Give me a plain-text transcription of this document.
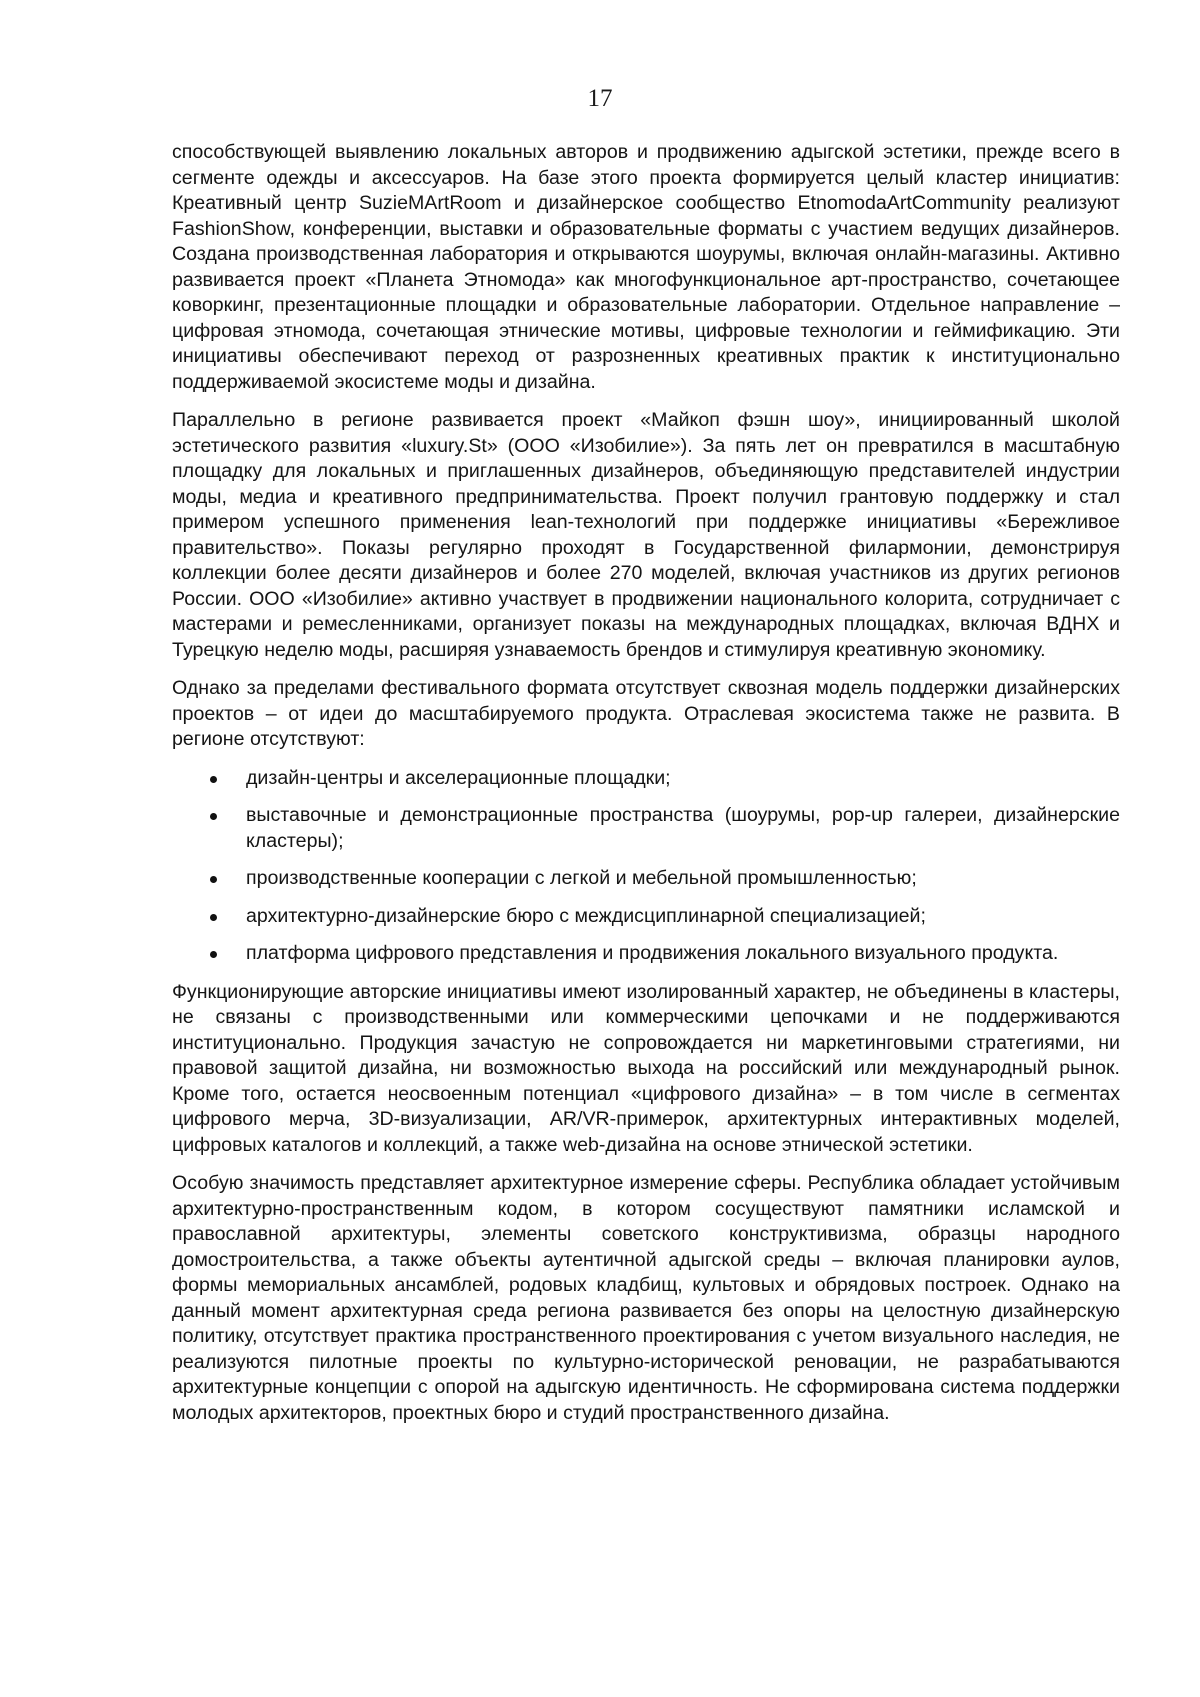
17

способствующей выявлению локальных авторов и продвижению адыгской эстетики, прежде всего в сегменте одежды и аксессуаров. На базе этого проекта формируется целый кластер инициатив: Креативный центр SuzieMArtRoom и дизайнерское сообщество EtnomodaArtCommunity реализуют FashionShow, конференции, выставки и образовательные форматы с участием ведущих дизайнеров. Создана производственная лаборатория и открываются шоурумы, включая онлайн-магазины. Активно развивается проект «Планета Этномода» как многофункциональное арт-пространство, сочетающее коворкинг, презентационные площадки и образовательные лаборатории. Отдельное направление – цифровая этномода, сочетающая этнические мотивы, цифровые технологии и геймификацию. Эти инициативы обеспечивают переход от разрозненных креативных практик к институционально поддерживаемой экосистеме моды и дизайна.

Параллельно в регионе развивается проект «Майкоп фэшн шоу», инициированный школой эстетического развития «luxury.St» (ООО «Изобилие»). За пять лет он превратился в масштабную площадку для локальных и приглашенных дизайнеров, объединяющую представителей индустрии моды, медиа и креативного предпринимательства. Проект получил грантовую поддержку и стал примером успешного применения lean-технологий при поддержке инициативы «Бережливое правительство». Показы регулярно проходят в Государственной филармонии, демонстрируя коллекции более десяти дизайнеров и более 270 моделей, включая участников из других регионов России. ООО «Изобилие» активно участвует в продвижении национального колорита, сотрудничает с мастерами и ремесленниками, организует показы на международных площадках, включая ВДНХ и Турецкую неделю моды, расширяя узнаваемость брендов и стимулируя креативную экономику.

Однако за пределами фестивального формата отсутствует сквозная модель поддержки дизайнерских проектов – от идеи до масштабируемого продукта. Отраслевая экосистема также не развита. В регионе отсутствуют:

дизайн-центры и акселерационные площадки;
выставочные и демонстрационные пространства (шоурумы, pop-up галереи, дизайнерские кластеры);
производственные кооперации с легкой и мебельной промышленностью;
архитектурно-дизайнерские бюро с междисциплинарной специализацией;
платформа цифрового представления и продвижения локального визуального продукта.

Функционирующие авторские инициативы имеют изолированный характер, не объединены в кластеры, не связаны с производственными или коммерческими цепочками и не поддерживаются институционально. Продукция зачастую не сопровождается ни маркетинговыми стратегиями, ни правовой защитой дизайна, ни возможностью выхода на российский или международный рынок. Кроме того, остается неосвоенным потенциал «цифрового дизайна» – в том числе в сегментах цифрового мерча, 3D-визуализации, AR/VR-примерок, архитектурных интерактивных моделей, цифровых каталогов и коллекций, а также web-дизайна на основе этнической эстетики.

Особую значимость представляет архитектурное измерение сферы. Республика обладает устойчивым архитектурно-пространственным кодом, в котором сосуществуют памятники исламской и православной архитектуры, элементы советского конструктивизма, образцы народного домостроительства, а также объекты аутентичной адыгской среды – включая планировки аулов, формы мемориальных ансамблей, родовых кладбищ, культовых и обрядовых построек. Однако на данный момент архитектурная среда региона развивается без опоры на целостную дизайнерскую политику, отсутствует практика пространственного проектирования с учетом визуального наследия, не реализуются пилотные проекты по культурно-исторической реновации, не разрабатываются архитектурные концепции с опорой на адыгскую идентичность. Не сформирована система поддержки молодых архитекторов, проектных бюро и студий пространственного дизайна.
